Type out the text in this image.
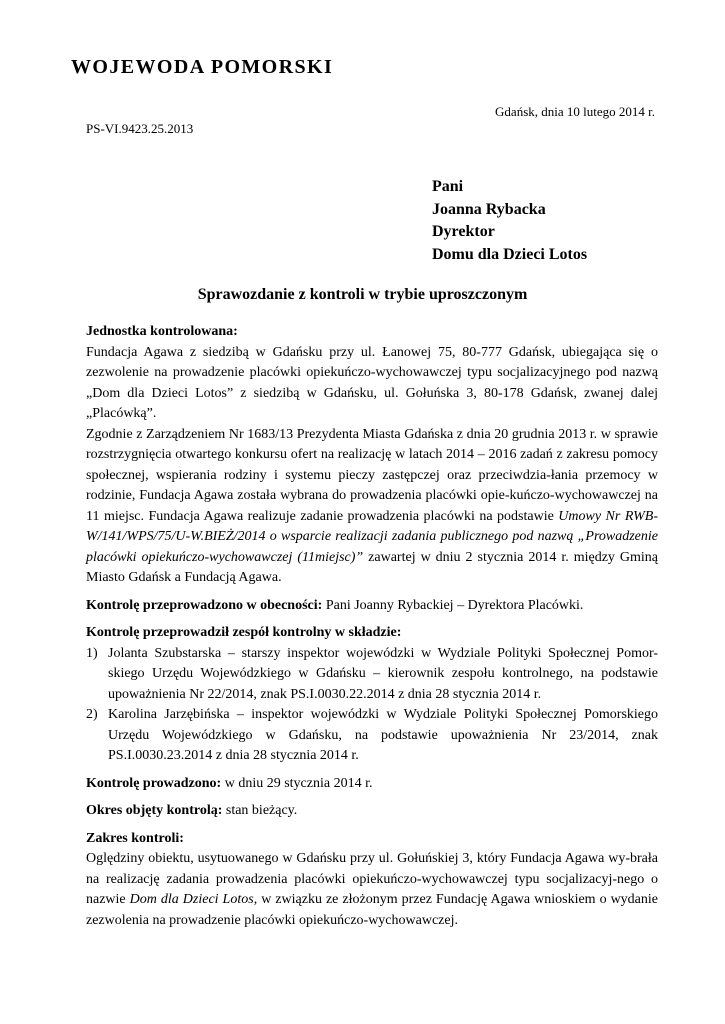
WOJEWODA POMORSKI
Gdańsk, dnia 10 lutego 2014 r.
PS-VI.9423.25.2013
Pani
Joanna Rybacka
Dyrektor
Domu dla Dzieci Lotos
Sprawozdanie z kontroli w trybie uproszczonym

Jednostka kontrolowana:

Fundacja Agawa z siedzibą w Gdańsku przy ul. Łanowej 75, 80-777 Gdańsk, ubiegająca się o zezwolenie na prowadzenie placówki opiekuńczo-wychowawczej typu socjalizacyjnego pod nazwą „Dom dla Dzieci Lotos” z siedzibą w Gdańsku, ul. Gołuńska 3, 80-178 Gdańsk, zwanej dalej „Placówką”.

Zgodnie z Zarządzeniem Nr 1683/13 Prezydenta Miasta Gdańska z dnia 20 grudnia 2013 r. w sprawie rozstrzygnięcia otwartego konkursu ofert na realizację w latach 2014 – 2016 zadań z zakresu pomocy społecznej, wspierania rodziny i systemu pieczy zastępczej oraz przeciwdzia-łania przemocy w rodzinie, Fundacja Agawa została wybrana do prowadzenia placówki opie-kuńczo-wychowawczej na 11 miejsc. Fundacja Agawa realizuje zadanie prowadzenia placówki na podstawie Umowy Nr RWB-W/141/WPS/75/U-W.BIEŻ/2014 o wsparcie realizacji zadania publicznego pod nazwą „Prowadzenie placówki opiekuńczo-wychowawczej (11miejsc)” zawartej w dniu 2 stycznia 2014 r. między Gminą Miasto Gdańsk a Fundacją Agawa.

Kontrolę przeprowadzono w obecności: Pani Joanny Rybackiej – Dyrektora Placówki.

Kontrolę przeprowadził zespół kontrolny w składzie:

1) Jolanta Szubstarska – starszy inspektor wojewódzki w Wydziale Polityki Społecznej Pomor-skiego Urzędu Wojewódzkiego w Gdańsku – kierownik zespołu kontrolnego, na podstawie upoważnienia Nr 22/2014, znak PS.I.0030.22.2014 z dnia 28 stycznia 2014 r.
2) Karolina Jarzębińska – inspektor wojewódzki w Wydziale Polityki Społecznej Pomorskiego Urzędu Wojewódzkiego w Gdańsku, na podstawie upoważnienia Nr 23/2014, znak PS.I.0030.23.2014 z dnia 28 stycznia 2014 r.

Kontrolę prowadzono: w dniu 29 stycznia 2014 r.

Okres objęty kontrolą: stan bieżący.

Zakres kontroli:

Oględziny obiektu, usytuowanego w Gdańsku przy ul. Gołuńskiej 3, który Fundacja Agawa wy-brała na realizację zadania prowadzenia placówki opiekuńczo-wychowawczej typu socjalizacyj-nego o nazwie Dom dla Dzieci Lotos, w związku ze złożonym przez Fundację Agawa wnioskiem o wydanie zezwolenia na prowadzenie placówki opiekuńczo-wychowawczej.
